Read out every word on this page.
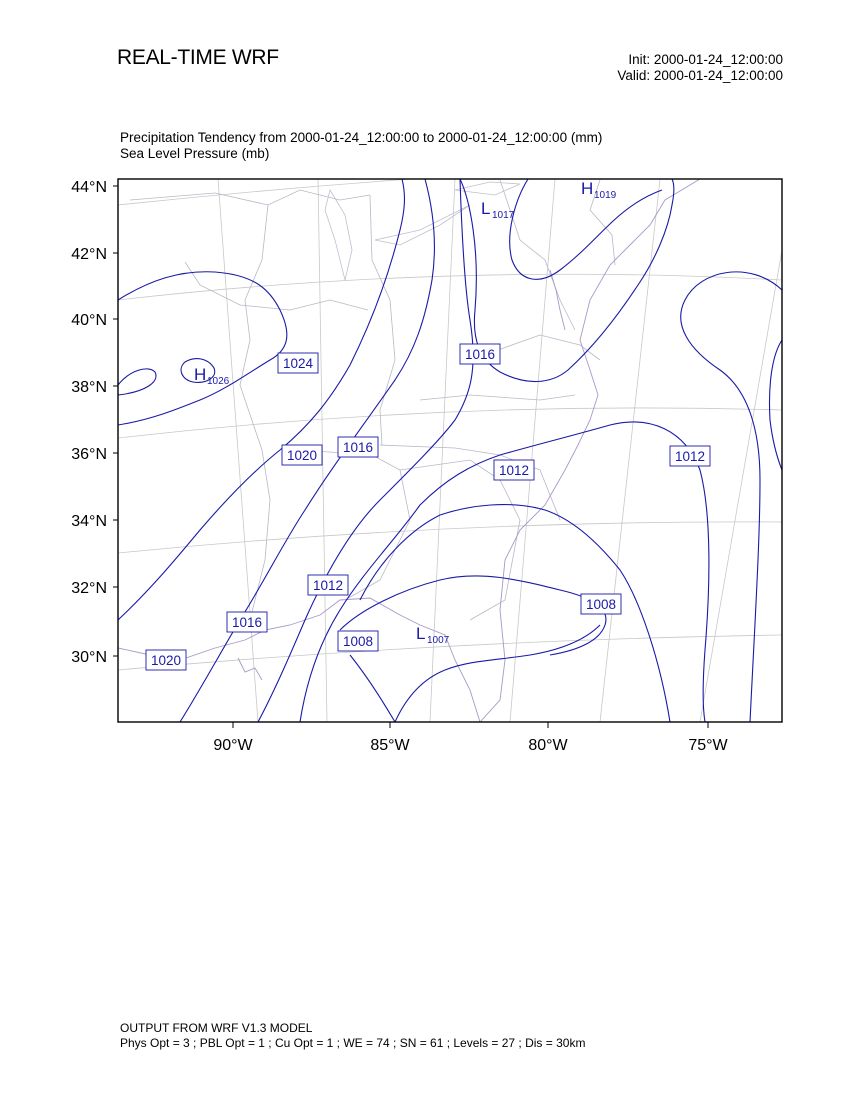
REAL-TIME WRF	Init: 2000-01-24_12:00:00
Valid: 2000-01-24_12:00:00
Precipitation Tendency from 2000-01-24_12:00:00 to 2000-01-24_12:00:00 (mm)
Sea Level Pressure (mb)
44°N
42°N
40°N
38°N
36°N
34°N
32°N
30°N
90°W	85°W	80°W	75°W
1024
1016
1020
1016
1012
1012
1012
1008
1016
1008
1020
H 1026
L 1017
H 1019
L 1007
OUTPUT FROM WRF V1.3 MODEL
Phys Opt = 3 ; PBL Opt = 1 ; Cu Opt = 1 ; WE = 74 ; SN = 61 ; Levels = 27 ; Dis = 30km
